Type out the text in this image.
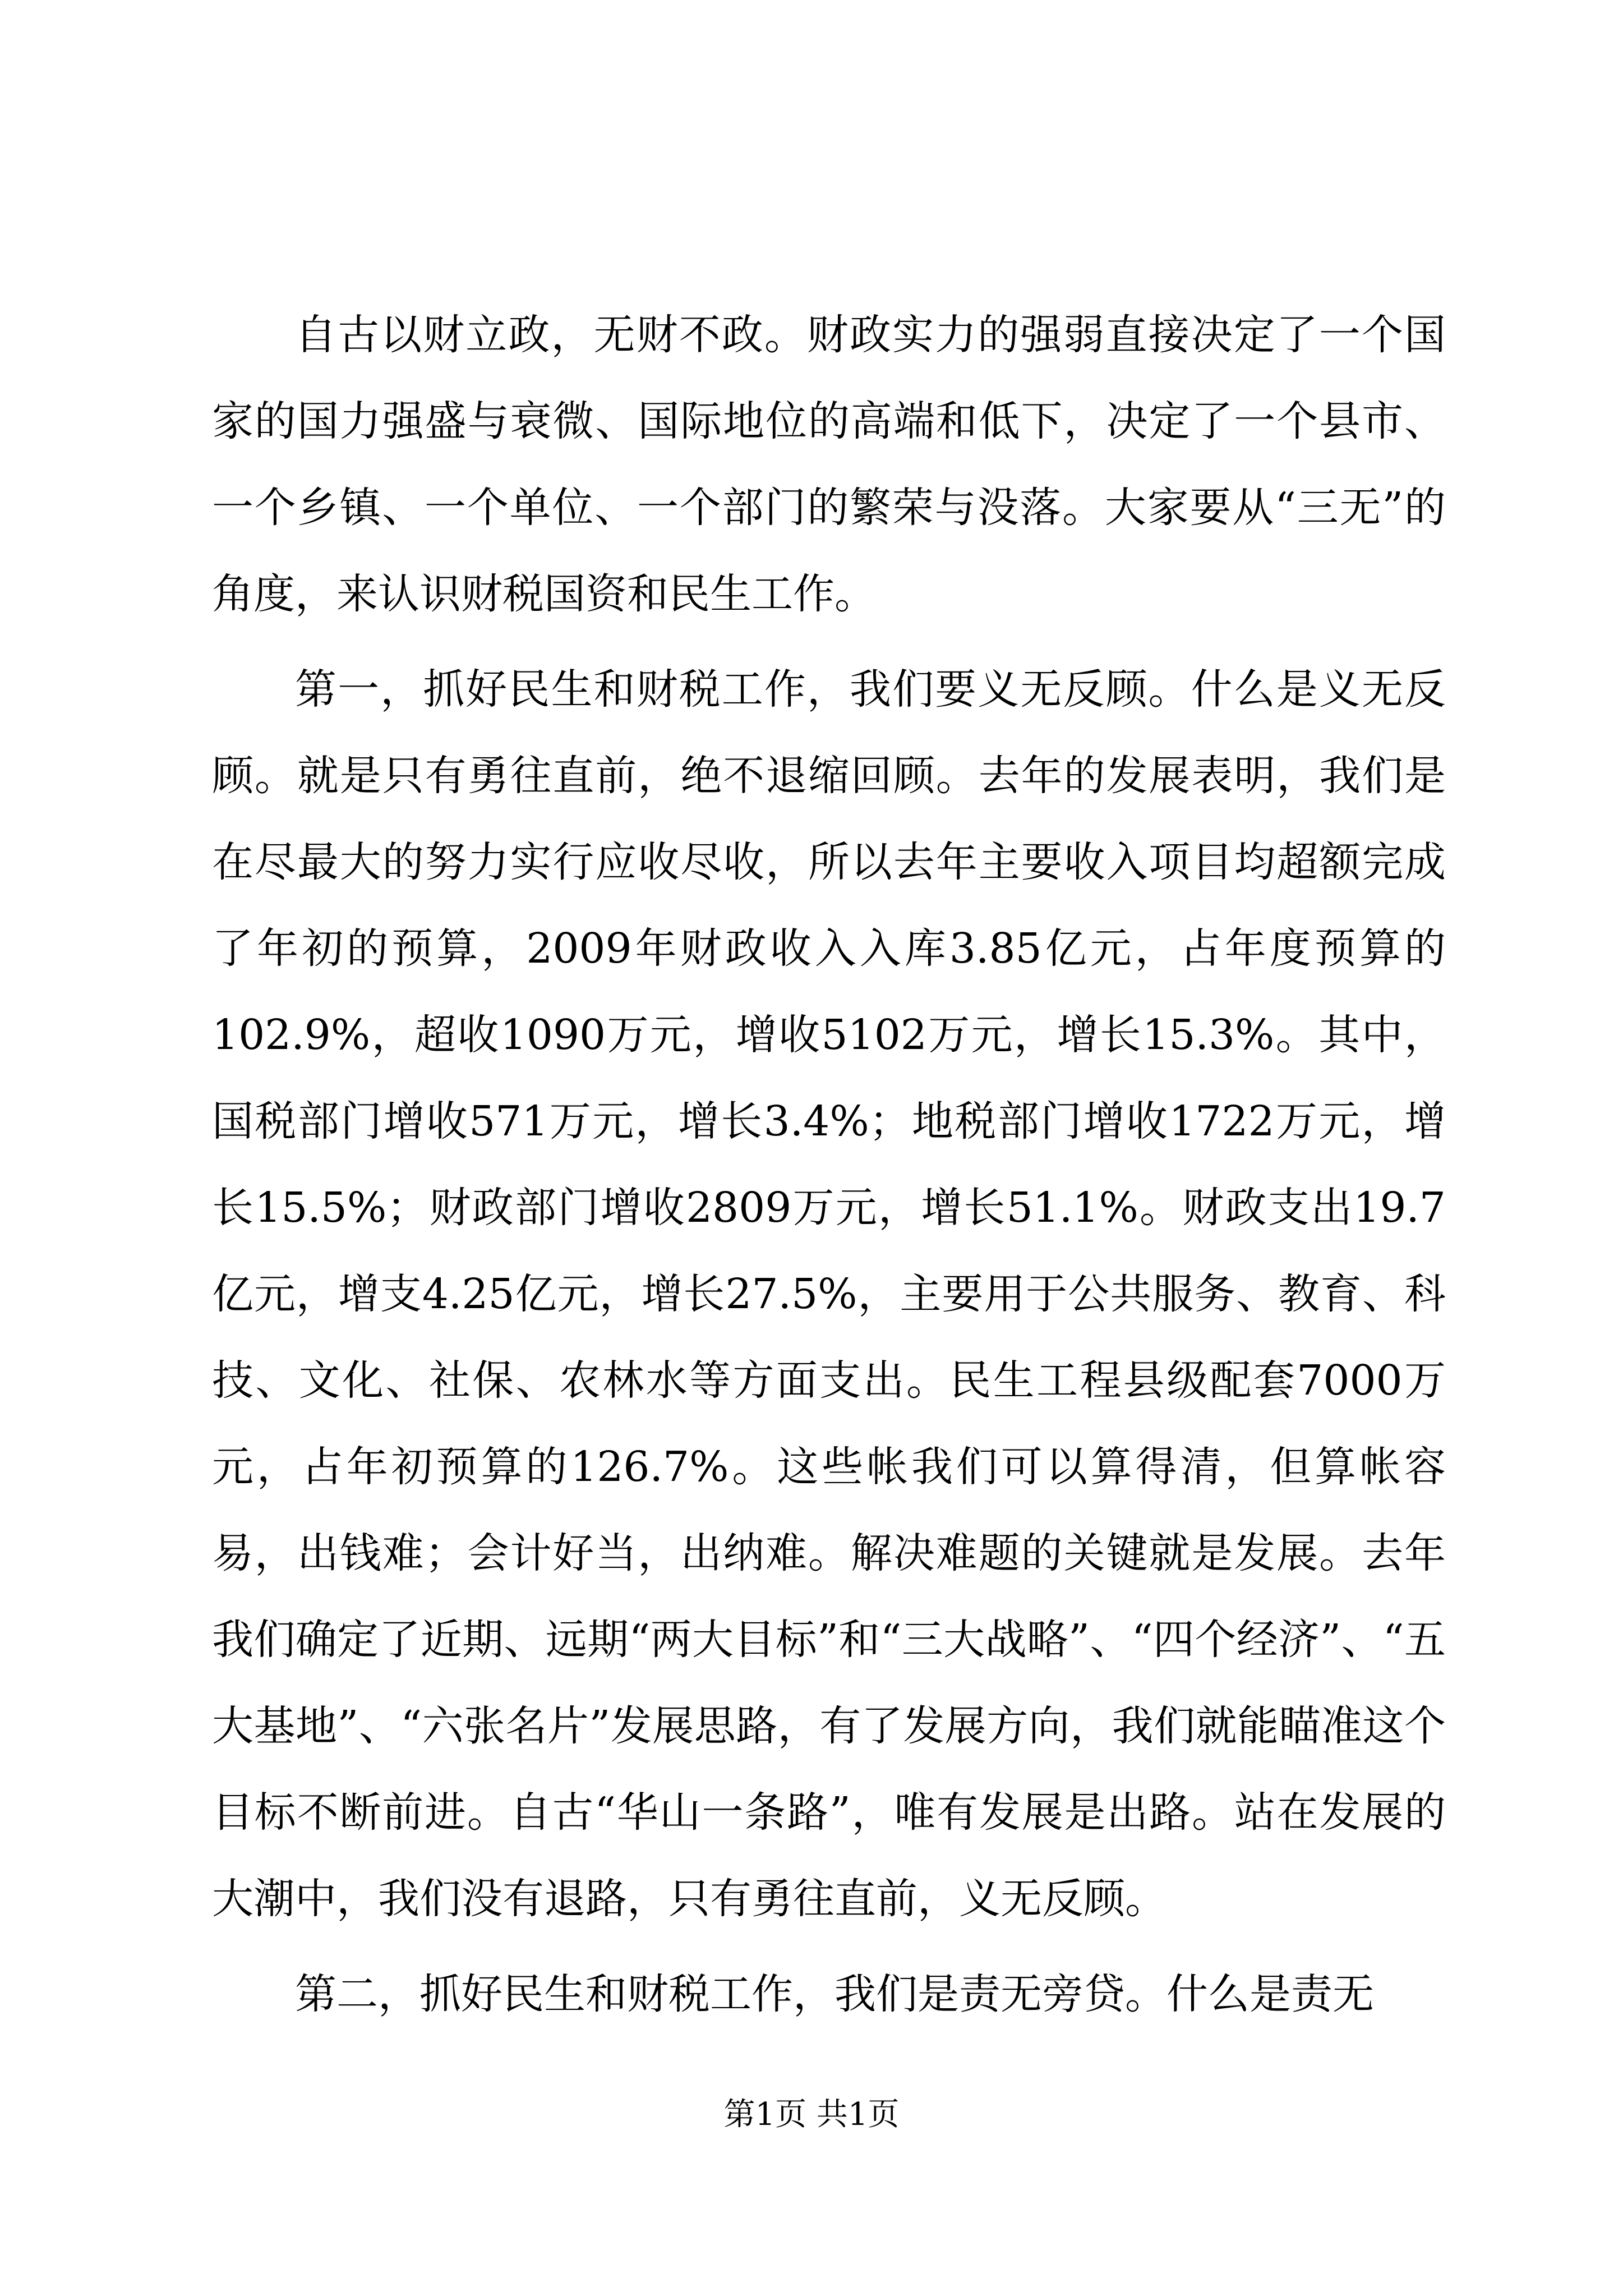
自古以财立政，无财不政。财政实力的强弱直接决定了一个国家的国力强盛与衰微、国际地位的高端和低下，决定了一个县市、一个乡镇、一个单位、一个部门的繁荣与没落。大家要从“三无”的角度，来认识财税国资和民生工作。

第一，抓好民生和财税工作，我们要义无反顾。什么是义无反顾。就是只有勇往直前，绝不退缩回顾。去年的发展表明，我们是在尽最大的努力实行应收尽收，所以去年主要收入项目均超额完成了年初的预算，2009年财政收入入库3.85亿元，占年度预算的102.9%，超收1090万元，增收5102万元，增长15.3%。其中，国税部门增收571万元，增长3.4%；地税部门增收1722万元，增长15.5%；财政部门增收2809万元，增长51.1%。财政支出19.7亿元，增支4.25亿元，增长27.5%，主要用于公共服务、教育、科技、文化、社保、农林水等方面支出。民生工程县级配套7000万元，占年初预算的126.7%。这些帐我们可以算得清，但算帐容易，出钱难；会计好当，出纳难。解决难题的关键就是发展。去年我们确定了近期、远期“两大目标”和“三大战略”、“四个经济”、“五大基地”、“六张名片”发展思路，有了发展方向，我们就能瞄准这个目标不断前进。自古“华山一条路”，唯有发展是出路。站在发展的大潮中，我们没有退路，只有勇往直前，义无反顾。

第二，抓好民生和财税工作，我们是责无旁贷。什么是责无

第1页 共1页
